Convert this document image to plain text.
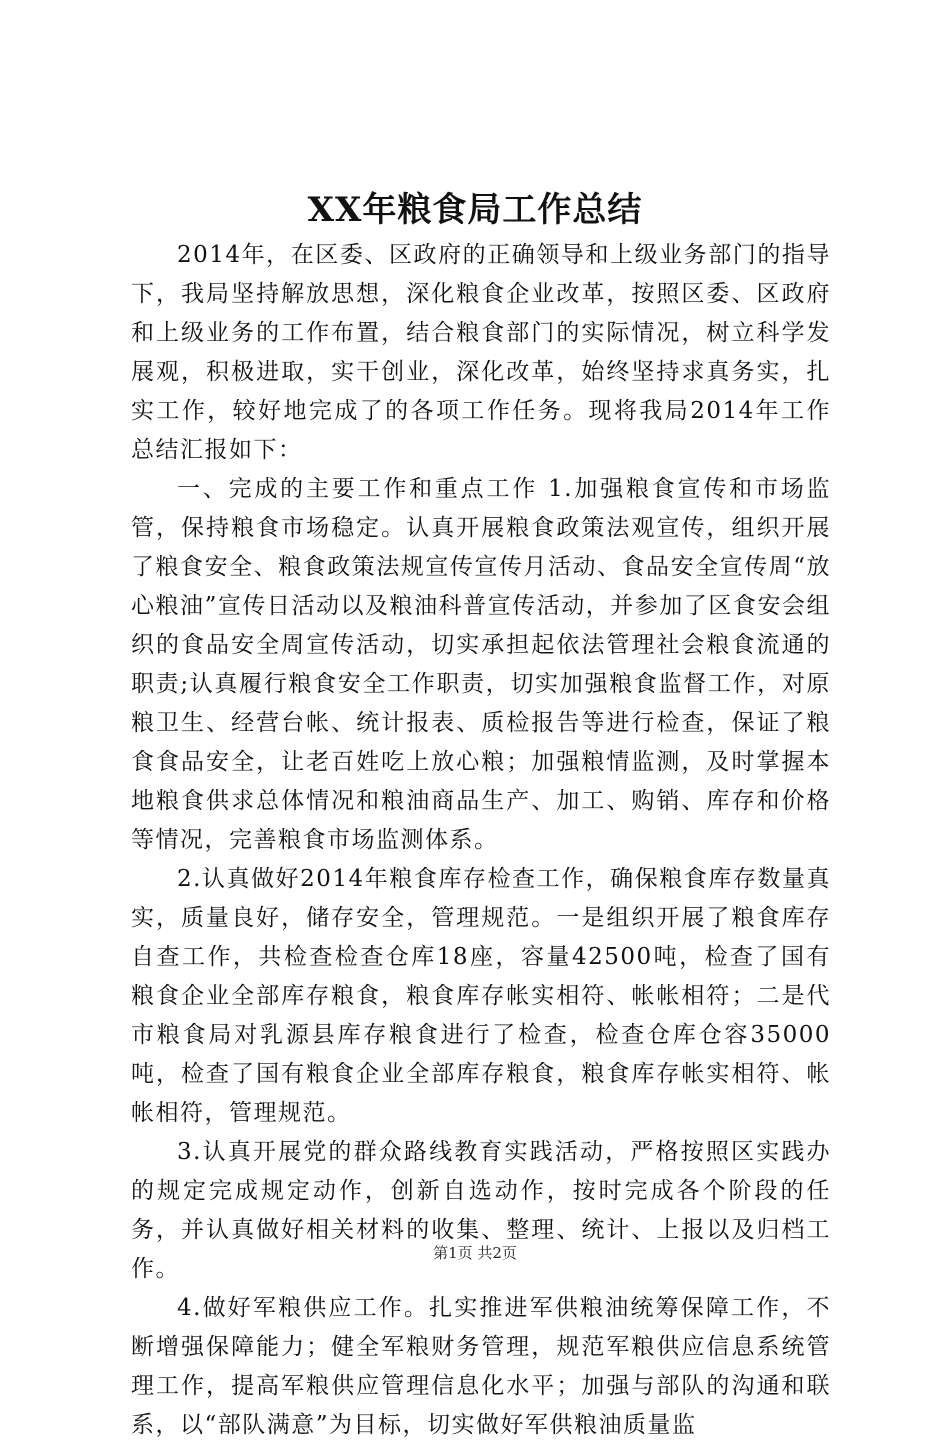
XX年粮食局工作总结

2014年，在区委、区政府的正确领导和上级业务部门的指导下，我局坚持解放思想，深化粮食企业改革，按照区委、区政府和上级业务的工作布置，结合粮食部门的实际情况，树立科学发展观，积极进取，实干创业，深化改革，始终坚持求真务实，扎实工作，较好地完成了的各项工作任务。现将我局2014年工作总结汇报如下：

一、完成的主要工作和重点工作 1.加强粮食宣传和市场监管，保持粮食市场稳定。认真开展粮食政策法观宣传，组织开展了粮食安全、粮食政策法规宣传宣传月活动、食品安全宣传周“放心粮油”宣传日活动以及粮油科普宣传活动，并参加了区食安会组织的食品安全周宣传活动，切实承担起依法管理社会粮食流通的职责;认真履行粮食安全工作职责，切实加强粮食监督工作，对原粮卫生、经营台帐、统计报表、质检报告等进行检查，保证了粮食食品安全，让老百姓吃上放心粮；加强粮情监测，及时掌握本地粮食供求总体情况和粮油商品生产、加工、购销、库存和价格等情况，完善粮食市场监测体系。

2.认真做好2014年粮食库存检查工作，确保粮食库存数量真实，质量良好，储存安全，管理规范。一是组织开展了粮食库存自查工作，共检查检查仓库18座，容量42500吨，检查了国有粮食企业全部库存粮食，粮食库存帐实相符、帐帐相符；二是代市粮食局对乳源县库存粮食进行了检查，检查仓库仓容35000吨，检查了国有粮食企业全部库存粮食，粮食库存帐实相符、帐帐相符，管理规范。

3.认真开展党的群众路线教育实践活动，严格按照区实践办的规定完成规定动作，创新自选动作，按时完成各个阶段的任务，并认真做好相关材料的收集、整理、统计、上报以及归档工作。

4.做好军粮供应工作。扎实推进军供粮油统筹保障工作，不断增强保障能力；健全军粮财务管理，规范军粮供应信息系统管理工作，提高军粮供应管理信息化水平；加强与部队的沟通和联系，以“部队满意”为目标，切实做好军供粮油质量监

第1页 共2页
